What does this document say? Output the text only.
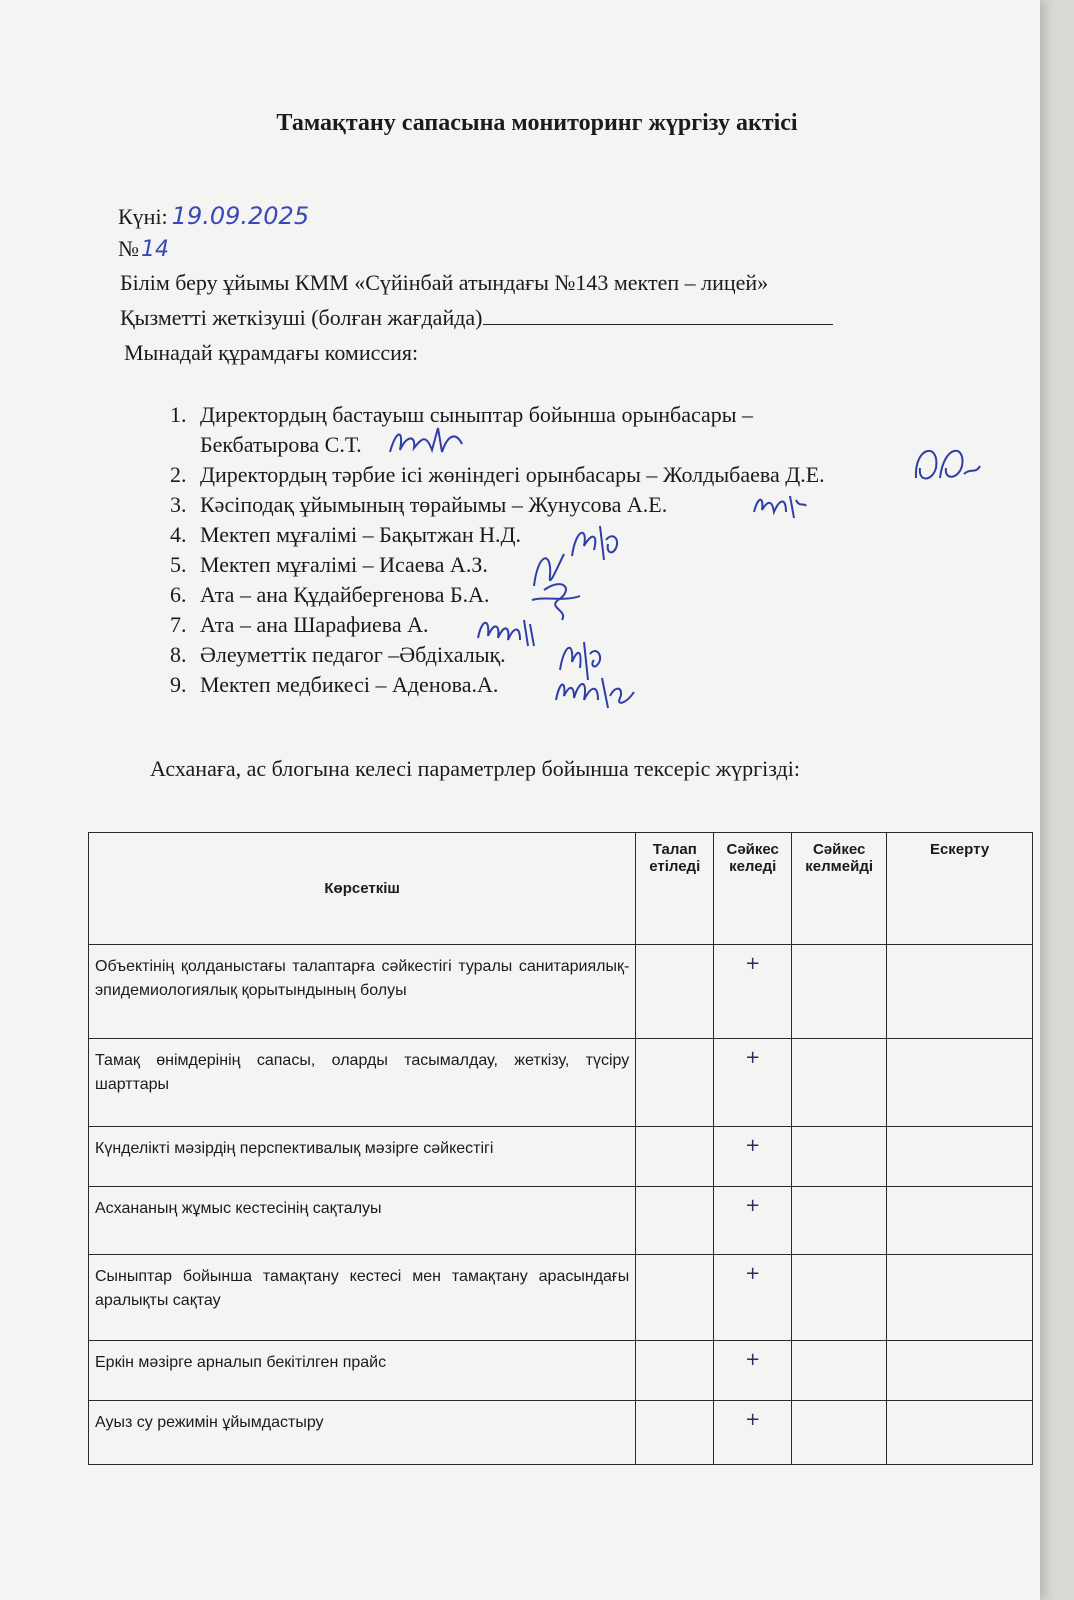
Тамақтану сапасына мониторинг жүргізу актісі
Күні: 19.09.2025
№14
Білім беру ұйымы КММ «Сүйінбай атындағы №143 мектеп – лицей»
Қызметті жеткізуші (болған жағдайда)
Мынадай құрамдағы комиссия:
1. Директордың бастауыш сыныптар бойынша орынбасары –
Бекбатырова С.Т.
2. Директордың тәрбие ісі жөніндегі орынбасары – Жолдыбаева Д.Е.
3. Кәсіподақ ұйымының төрайымы – Жунусова А.Е.
4. Мектеп мұғалімі – Бақытжан Н.Д.
5. Мектеп мұғалімі – Исаева А.З.
6. Ата – ана Құдайбергенова Б.А.
7. Ата – ана Шарафиева А.
8. Әлеуметтік педагог –Әбдіхалық.
9. Мектеп медбикесі – Аденова.А.
Асханаға, ас блогына келесі параметрлер бойынша тексеріс жүргізді:
Көрсеткіш	Талап етіледі	Сәйкес келеді	Сәйкес келмейді	Ескерту
Объектінің қолданыстағы талаптарға сәйкестігі туралы санитариялық-эпидемиологиялық қорытындының болуы		+		
Тамақ өнімдерінің сапасы, оларды тасымалдау, жеткізу, түсіру шарттары		+		
Күнделікті мәзірдің перспективалық мәзірге сәйкестігі		+		
Асхананың жұмыс кестесінің сақталуы		+		
Сыныптар бойынша тамақтану кестесі мен тамақтану арасындағы аралықты сақтау		+		
Еркін мәзірге арналып бекітілген прайс		+		
Ауыз су режимін ұйымдастыру		+		
